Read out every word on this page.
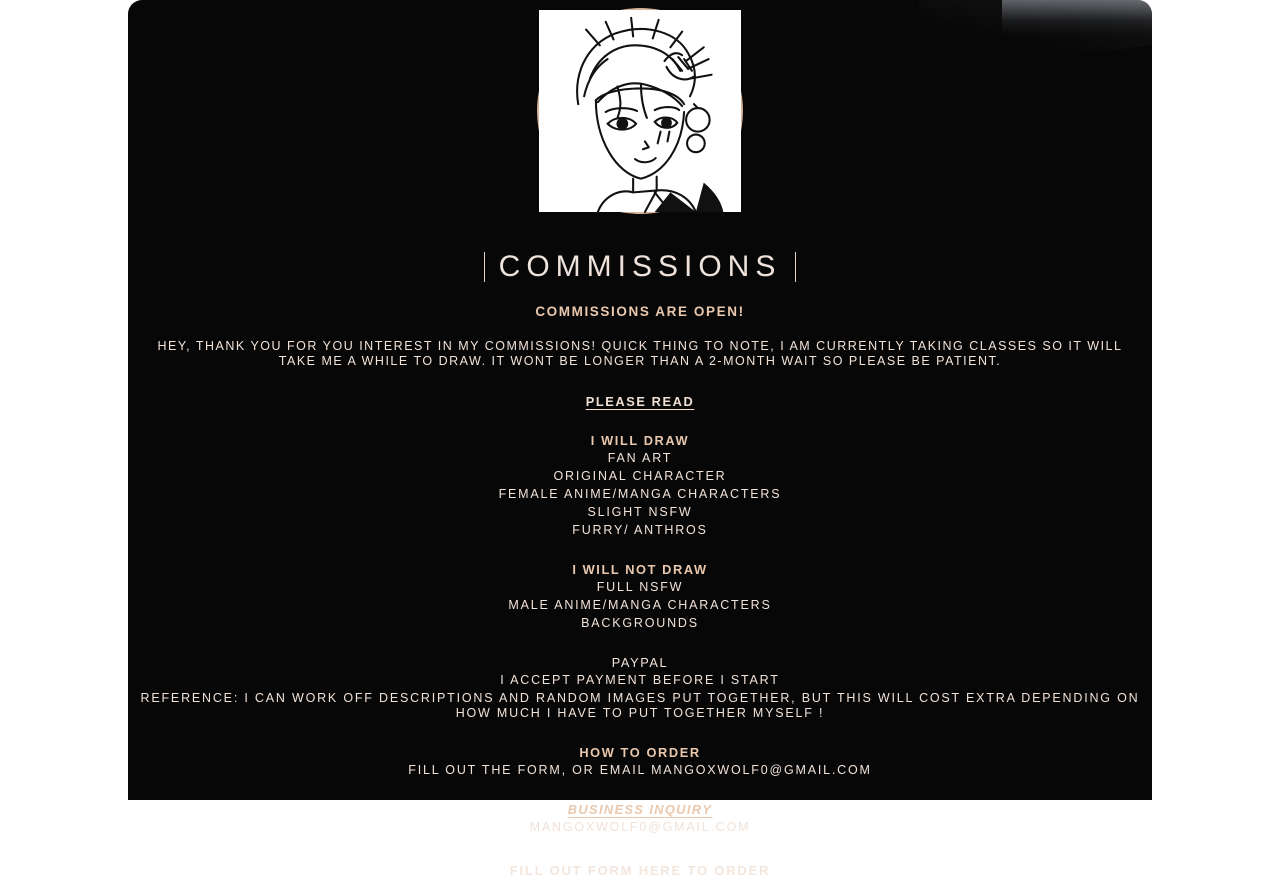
COMMISSIONS
COMMISSIONS ARE OPEN!

HEY, THANK YOU FOR YOU INTEREST IN MY COMMISSIONS! QUICK THING TO NOTE, I AM CURRENTLY TAKING CLASSES SO IT WILL TAKE ME A WHILE TO DRAW. IT WONT BE LONGER THAN A 2-MONTH WAIT SO PLEASE BE PATIENT.

PLEASE READ
I WILL DRAW
FAN ART
ORIGINAL CHARACTER
FEMALE ANIME/MANGA CHARACTERS
SLIGHT NSFW
FURRY/ ANTHROS
I WILL NOT DRAW
FULL NSFW
MALE ANIME/MANGA CHARACTERS
BACKGROUNDS
PAYPAL
I ACCEPT PAYMENT BEFORE I START
REFERENCE: I CAN WORK OFF DESCRIPTIONS AND RANDOM IMAGES PUT TOGETHER, BUT THIS WILL COST EXTRA DEPENDING ON HOW MUCH I HAVE TO PUT TOGETHER MYSELF !
HOW TO ORDER
FILL OUT THE FORM, OR EMAIL MANGOXWOLF0@GMAIL.COM
BUSINESS INQUIRY
MANGOXWOLF0@GMAIL.COM
FILL OUT FORM HERE TO ORDER
